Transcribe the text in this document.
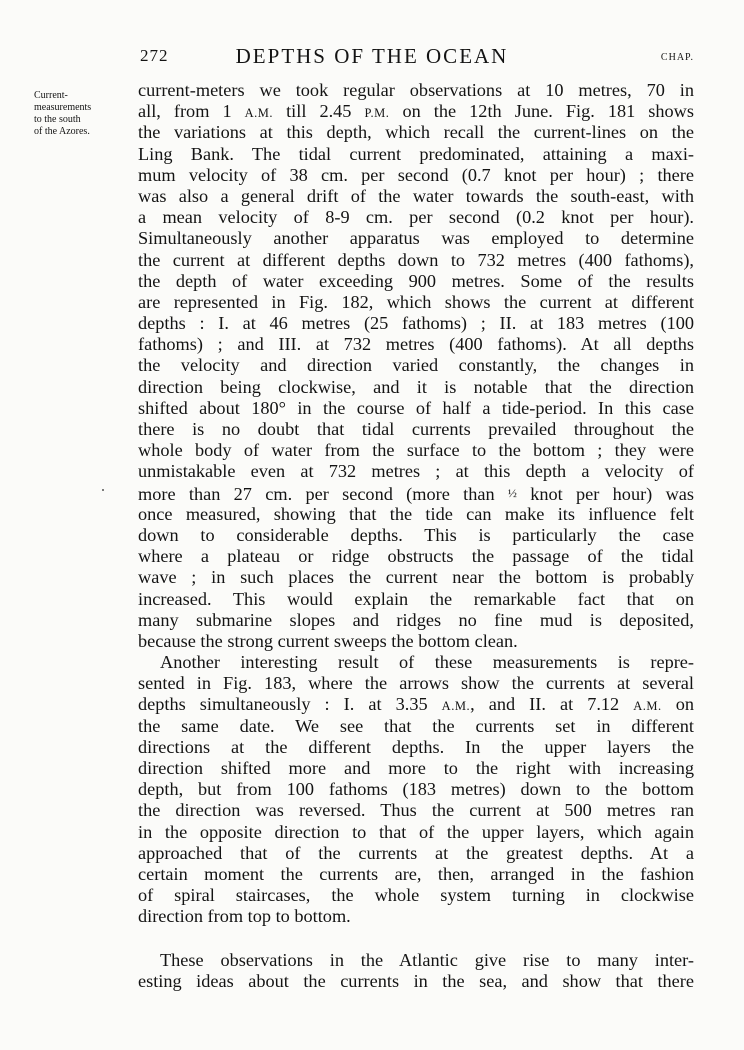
272	DEPTHS OF THE OCEAN	CHAP.
Current-
measurements
to the south
of the Azores.
current-meters we took regular observations at 10 metres, 70 in
all, from 1 A.M. till 2.45 P.M. on the 12th June. Fig. 181 shows
the variations at this depth, which recall the current-lines on the
Ling Bank. The tidal current predominated, attaining a maxi-
mum velocity of 38 cm. per second (0.7 knot per hour) ; there
was also a general drift of the water towards the south-east, with
a mean velocity of 8-9 cm. per second (0.2 knot per hour).
Simultaneously another apparatus was employed to determine
the current at different depths down to 732 metres (400 fathoms),
the depth of water exceeding 900 metres. Some of the results
are represented in Fig. 182, which shows the current at different
depths : I. at 46 metres (25 fathoms) ; II. at 183 metres (100
fathoms) ; and III. at 732 metres (400 fathoms). At all depths
the velocity and direction varied constantly, the changes in
direction being clockwise, and it is notable that the direction
shifted about 180° in the course of half a tide-period. In this case
there is no doubt that tidal currents prevailed throughout the
whole body of water from the surface to the bottom ; they were
unmistakable even at 732 metres ; at this depth a velocity of
more than 27 cm. per second (more than ½ knot per hour) was
once measured, showing that the tide can make its influence felt
down to considerable depths. This is particularly the case
where a plateau or ridge obstructs the passage of the tidal
wave ; in such places the current near the bottom is probably
increased. This would explain the remarkable fact that on
many submarine slopes and ridges no fine mud is deposited,
because the strong current sweeps the bottom clean.
Another interesting result of these measurements is repre-
sented in Fig. 183, where the arrows show the currents at several
depths simultaneously : I. at 3.35 A.M., and II. at 7.12 A.M. on
the same date. We see that the currents set in different
directions at the different depths. In the upper layers the
direction shifted more and more to the right with increasing
depth, but from 100 fathoms (183 metres) down to the bottom
the direction was reversed. Thus the current at 500 metres ran
in the opposite direction to that of the upper layers, which again
approached that of the currents at the greatest depths. At a
certain moment the currents are, then, arranged in the fashion
of spiral staircases, the whole system turning in clockwise
direction from top to bottom.
These observations in the Atlantic give rise to many inter-
esting ideas about the currents in the sea, and show that there
